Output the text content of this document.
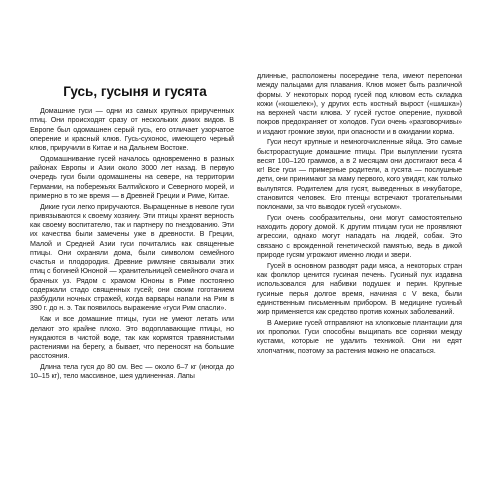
Гусь, гусыня и гусята

Домашние гуси — одни из самых крупных прирученных птиц. Они происходят сразу от нескольких диких видов. В Европе был одомашнен серый гусь, его отличает узорчатое оперение и красный клюв. Гусь-сухонос, имеющего черный клюв, приручили в Китае и на Дальнем Востоке.

Одомашнивание гусей началось одновременно в разных районах Европы и Азии около 3000 лет назад. В первую очередь гуси были одомашнены на севере, на территории Германии, на побережьях Балтийского и Северного морей, и примерно в то же время — в Древней Греции и Риме, Китае.

Дикие гуси легко приручаются. Выращенные в неволе гуси привязываются к своему хозяину. Эти птицы хранят верность как своему воспитателю, так и партнеру по гнездованию. Эти их качества были замечены уже в древности. В Греции, Малой и Средней Азии гуси почитались как священные птицы. Они охраняли дома, были символом семейного счастья и плодородия. Древние римляне связывали этих птиц с богиней Юноной — хранительницей семейного очага и брачных уз. Рядом с храмом Юноны в Риме постоянно содержали стадо священных гусей; они своим гоготанием разбудили ночных стражей, когда варвары напали на Рим в 390 г. до н. э. Так появилось выражение «гуси Рим спасли».

Как и все домашние птицы, гуси не умеют летать или делают это крайне плохо. Это водоплавающие птицы, но нуждаются в чистой воде, так как кормятся травянистыми растениями на берегу, а бывает, что переносят на большие расстояния.

Длина тела гуся до 80 см. Вес — около 6–7 кг (иногда до 10–15 кг), тело массивное, шея удлиненная. Лапы

длинные, расположены посередине тела, имеют перепонки между пальцами для плавания. Клюв может быть различной формы. У некоторых пород гусей под клювом есть складка кожи («кошелек»), у других есть костный вырост («шишка») на верхней части клюва. У гусей густое оперение, пуховой покров предохраняет от холодов. Гуси очень «разговорчивы» и издают громкие звуки, при опасности и в ожидании корма.

Гуси несут крупные и немногочисленные яйца. Это самые быстрорастущие домашние птицы. При вылуплении гусята весят 100–120 граммов, а в 2 месяцам они достигают веса 4 кг! Все гуси — примерные родители, а гусята — послушные дети, они принимают за маму первого, кого увидят, как только вылупятся. Родителем для гусят, выведенных в инкубаторе, становится человек. Его птенцы встречают трогательными поклонами, за что выводок гусей «гуськом».

Гуси очень сообразительны, они могут самостоятельно находить дорогу домой. К другим птицам гуси не проявляют агрессии, однако могут нападать на людей, собак. Это связано с врожденной генетической памятью, ведь в дикой природе гусям угрожают именно люди и звери.

Гусей в основном разводят ради мяса, а некоторых стран как фолклор ценится гусиная печень. Гусиный пух издавна использовался для набивки подушек и перин. Крупные гусиные перья долгое время, начиная с V века, были единственным письменным прибором. В медицине гусиный жир применяется как средство против кожных заболеваний.

В Америке гусей отправляют на хлопковые плантации для их прополки. Гуси способны выщипать все сорняки между кустами, которые не удалить техникой. Они ни едят хлопчатник, поэтому за растения можно не опасаться.
